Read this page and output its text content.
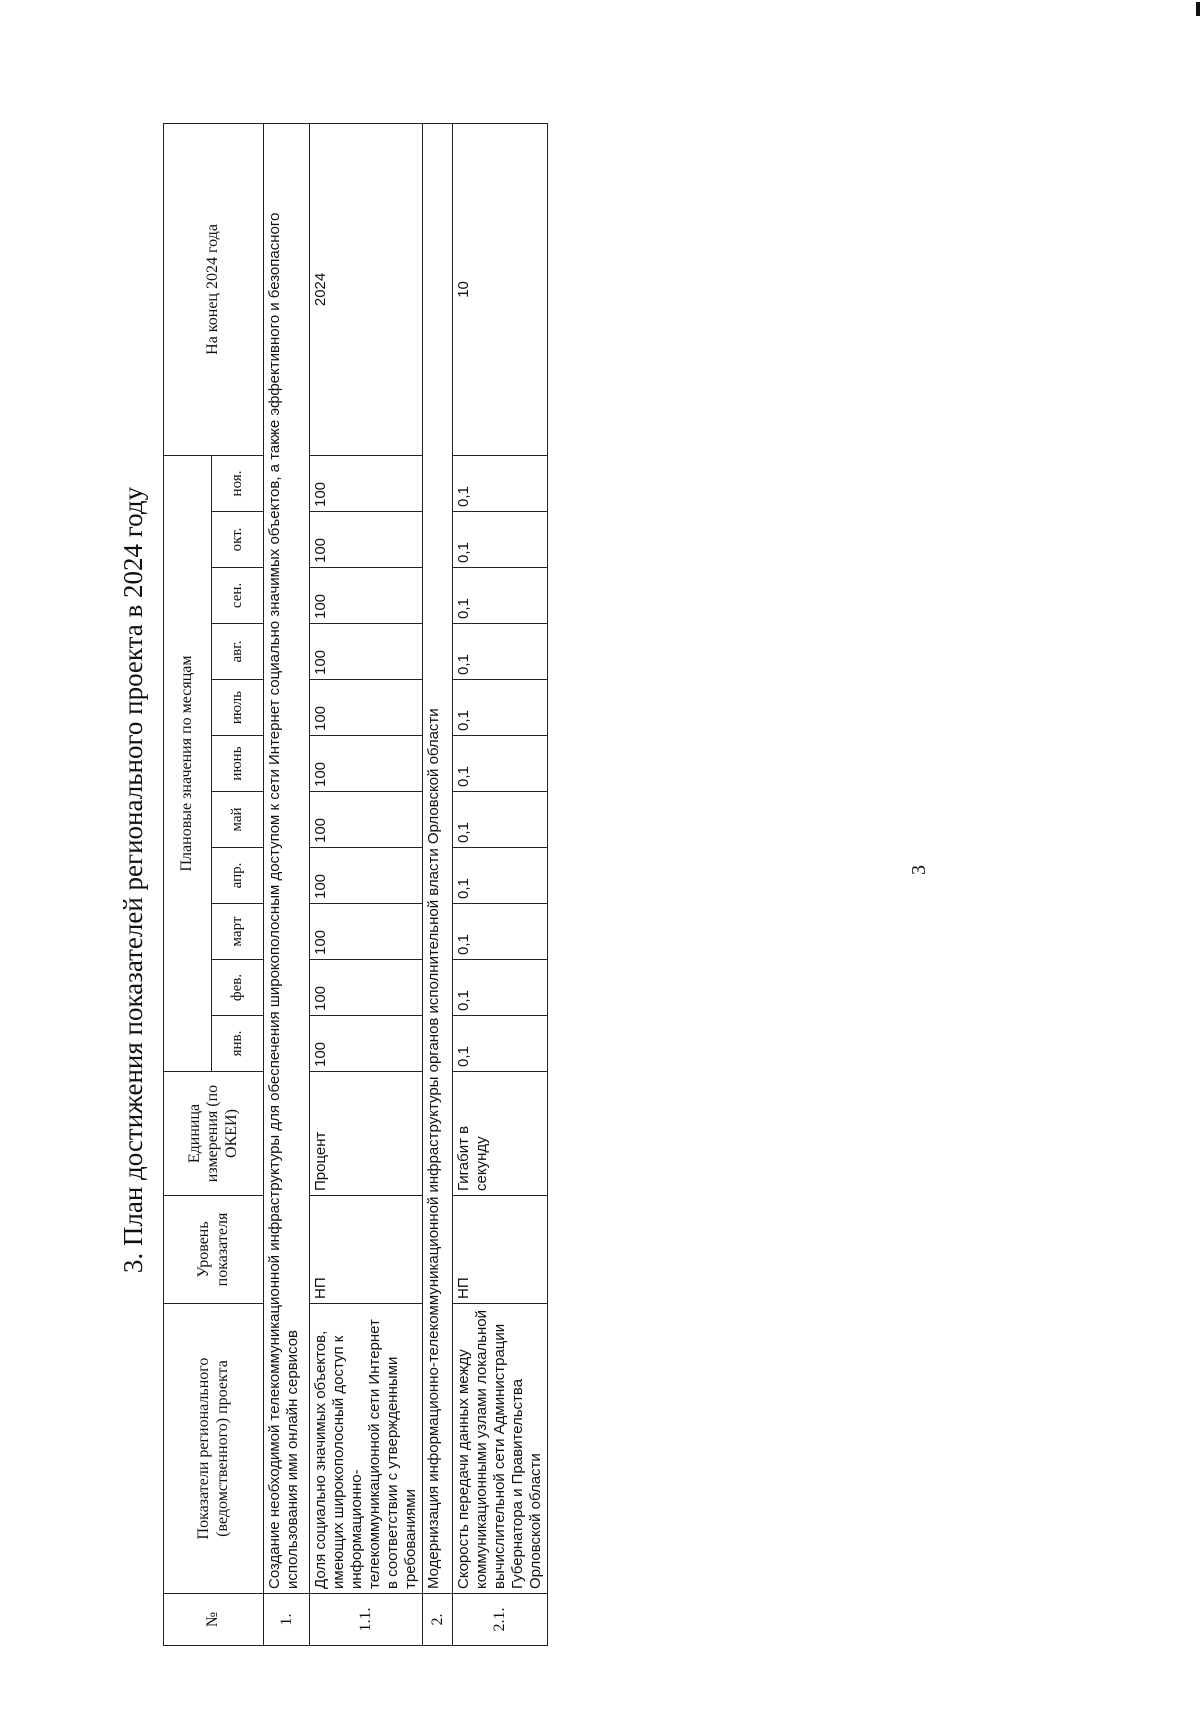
3
3. План достижения показателей регионального проекта в 2024 году
№	Показатели регионального (ведомственного) проекта	Уровень показателя	Единица измерения (по ОКЕИ)	Плановые значения по месяцам											На конец 2024 года
				янв.	фев.	март	апр.	май	июнь	июль	авг.	сен.	окт.	ноя.	
1.	Создание необходимой телекоммуникационной инфраструктуры для обеспечения широкополосным доступом к сети Интернет социально значимых объектов, а также эффективного и безопасного использования ими онлайн сервисов														
1.1.	Доля социально значимых объектов, имеющих широкополосный доступ к информационно-телекоммуникационной сети Интернет в соответствии с утвержденными требованиями	НП	Процент	100	100	100	100	100	100	100	100	100	100	100	2024
2.	Модернизация информационно-телекоммуникационной инфраструктуры органов исполнительной власти Орловской области														
2.1.	Скорость передачи данных между коммуникационными узлами локальной вычислительной сети Администрации Губернатора и Правительства Орловской области	НП	Гигабит в секунду	0,1	0,1	0,1	0,1	0,1	0,1	0,1	0,1	0,1	0,1	0,1	10
